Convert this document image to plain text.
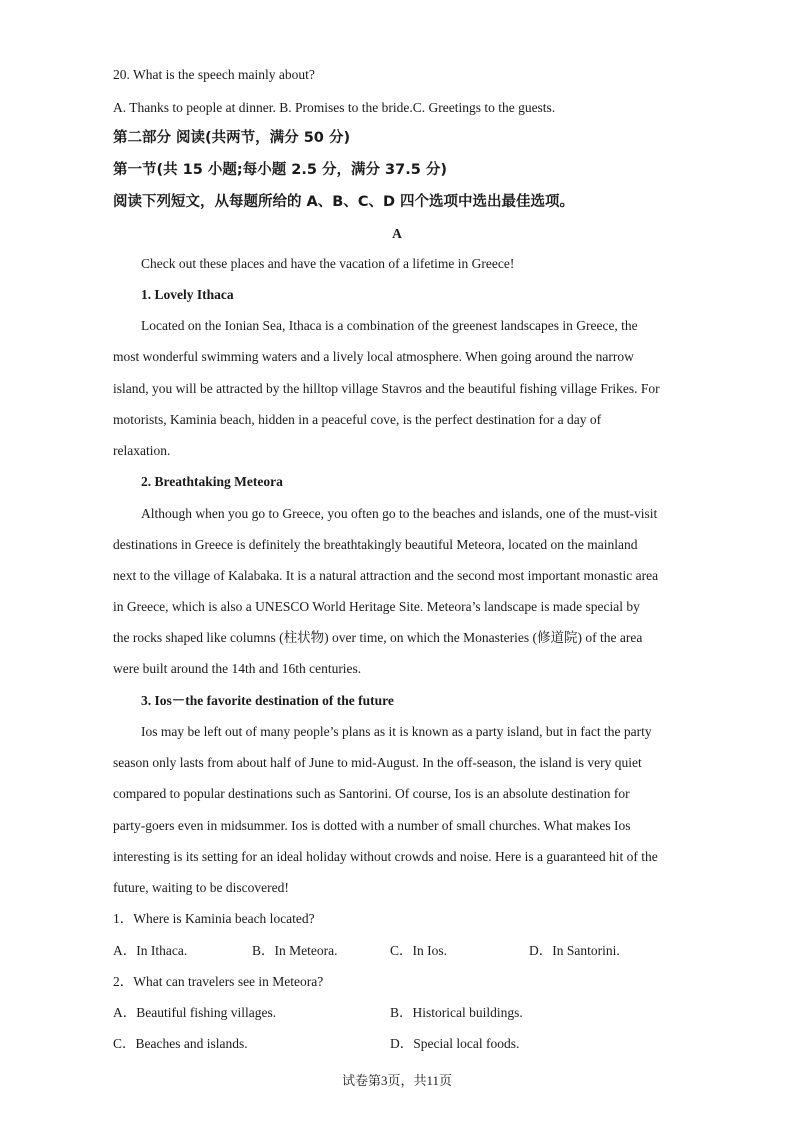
20. What is the speech mainly about?
A. Thanks to people at dinner. B. Promises to the bride.C. Greetings to the guests.
第二部分 阅读(共两节，满分 50 分)
第一节(共 15 小题;每小题 2.5 分，满分 37.5 分)
阅读下列短文，从每题所给的 A、B、C、D 四个选项中选出最佳选项。
A
Check out these places and have the vacation of a lifetime in Greece!
1. Lovely Ithaca
Located on the Ionian Sea, Ithaca is a combination of the greenest landscapes in Greece, the
most wonderful swimming waters and a lively local atmosphere. When going around the narrow
island, you will be attracted by the hilltop village Stavros and the beautiful fishing village Frikes. For
motorists, Kaminia beach, hidden in a peaceful cove, is the perfect destination for a day of
relaxation.
2. Breathtaking Meteora
Although when you go to Greece, you often go to the beaches and islands, one of the must-visit
destinations in Greece is definitely the breathtakingly beautiful Meteora, located on the mainland
next to the village of Kalabaka. It is a natural attraction and the second most important monastic area
in Greece, which is also a UNESCO World Heritage Site. Meteora’s landscape is made special by
the rocks shaped like columns (柱状物) over time, on which the Monasteries (修道院) of the area
were built around the 14th and 16th centuries.
3. Ios－the favorite destination of the future
Ios may be left out of many people’s plans as it is known as a party island, but in fact the party
season only lasts from about half of June to mid-August. In the off-season, the island is very quiet
compared to popular destinations such as Santorini. Of course, Ios is an absolute destination for
party-goers even in midsummer. Ios is dotted with a number of small churches. What makes Ios
interesting is its setting for an ideal holiday without crowds and noise. Here is a guaranteed hit of the
future, waiting to be discovered!
1．Where is Kaminia beach located?
A．In Ithaca.	B．In Meteora.	C．In Ios.	D．In Santorini.
2．What can travelers see in Meteora?
A．Beautiful fishing villages.	B．Historical buildings.
C．Beaches and islands.	D．Special local foods.
试卷第3页，共11页
